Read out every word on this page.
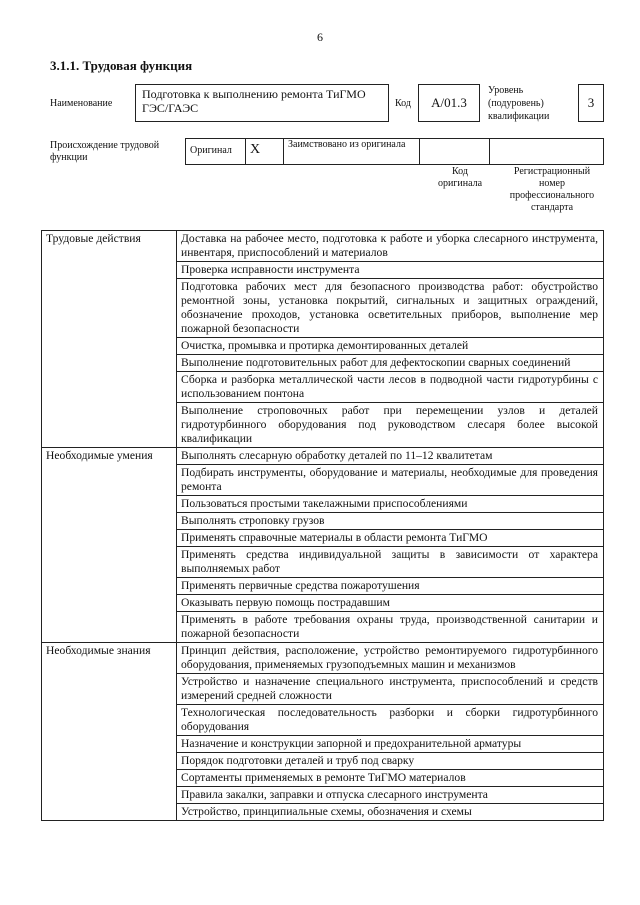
6
3.1.1. Трудовая функция
Наименование
Подготовка к выполнению ремонта ТиГМО ГЭС/ГАЭС	Код	А/01.3
Уровень (подуровень) квалификации
3
Происхождение трудовой функции
Оригинал	Х	Заимствовано из оригинала		
Код оригинала
Регистрационный номер профессионального стандарта
Трудовые действия	Доставка на рабочее место, подготовка к работе и уборка слесарного инструмента, инвентаря, приспособлений и материалов
	Проверка исправности инструмента
	Подготовка рабочих мест для безопасного производства работ: обустройство ремонтной зоны, установка покрытий, сигнальных и защитных ограждений, обозначение проходов, установка осветительных приборов, выполнение мер пожарной безопасности
	Очистка, промывка и протирка демонтированных деталей
	Выполнение подготовительных работ для дефектоскопии сварных соединений
	Сборка и разборка металлической части лесов в подводной части гидротурбины с использованием понтона
	Выполнение строповочных работ при перемещении узлов и деталей гидротурбинного оборудования под руководством слесаря более высокой квалификации
Необходимые умения	Выполнять слесарную обработку деталей по 11–12 квалитетам
	Подбирать инструменты, оборудование и материалы, необходимые для проведения ремонта
	Пользоваться простыми такелажными приспособлениями
	Выполнять строповку грузов
	Применять справочные материалы в области ремонта ТиГМО
	Применять средства индивидуальной защиты в зависимости от характера выполняемых работ
	Применять первичные средства пожаротушения
	Оказывать первую помощь пострадавшим
	Применять в работе требования охраны труда, производственной санитарии и пожарной безопасности
Необходимые знания	Принцип действия, расположение, устройство ремонтируемого гидротурбинного оборудования, применяемых грузоподъемных машин и механизмов
	Устройство и назначение специального инструмента, приспособлений и средств измерений средней сложности
	Технологическая последовательность разборки и сборки гидротурбинного оборудования
	Назначение и конструкции запорной и предохранительной арматуры
	Порядок подготовки деталей и труб под сварку
	Сортаменты применяемых в ремонте ТиГМО материалов
	Правила закалки, заправки и отпуска слесарного инструмента
	Устройство, принципиальные схемы, обозначения и схемы
